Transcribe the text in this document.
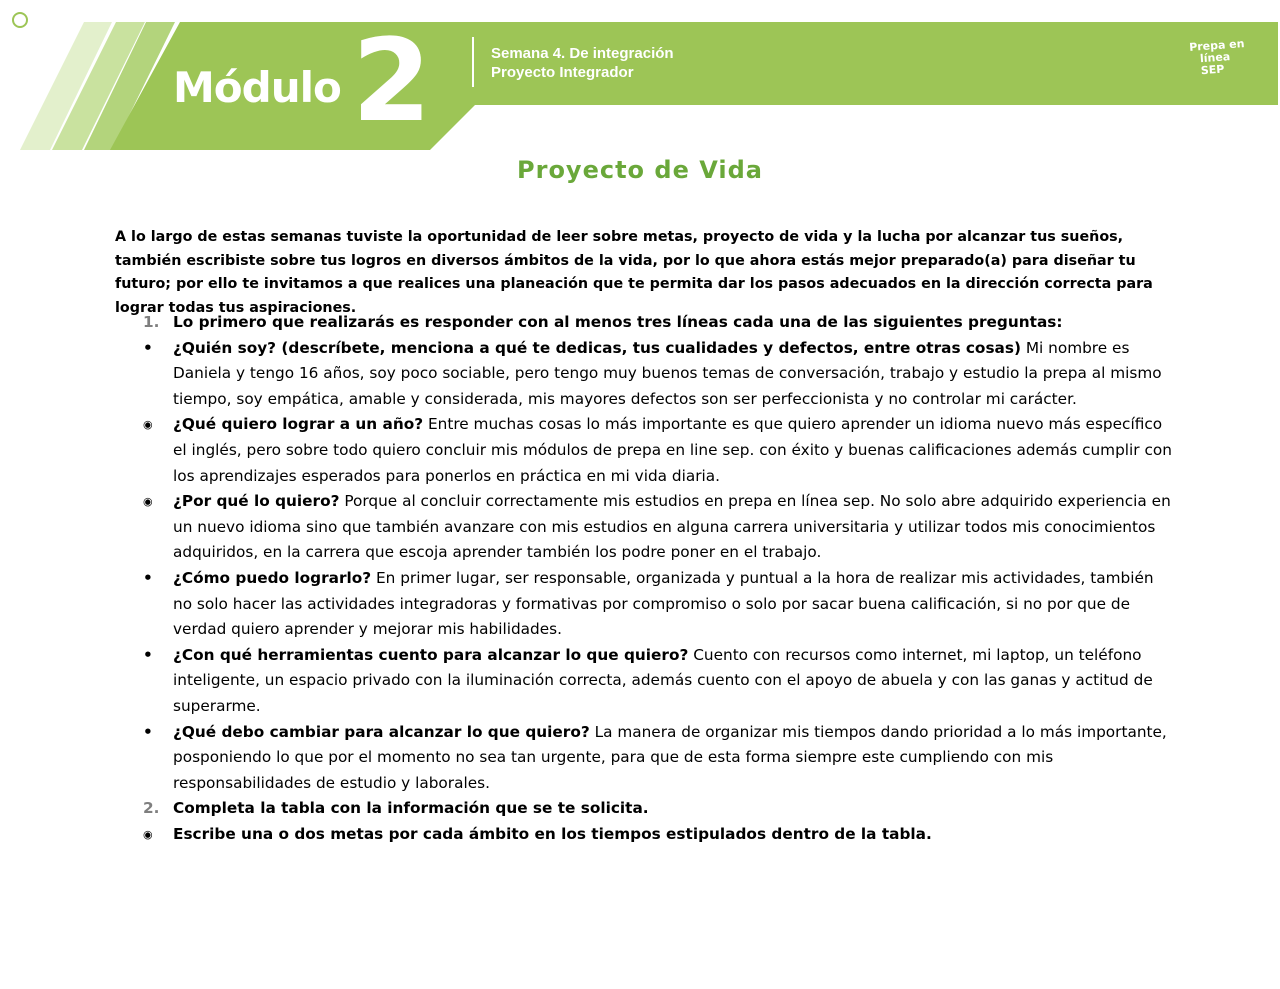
Módulo 2	Semana 4. De integración
Proyecto Integrador
Prepa en
línea
SEP
Proyecto de Vida

A lo largo de estas semanas tuviste la oportunidad de leer sobre metas, proyecto de vida y la lucha por alcanzar tus sueños, también escribiste sobre tus logros en diversos ámbitos de la vida, por lo que ahora estás mejor preparado(a) para diseñar tu futuro; por ello te invitamos a que realices una planeación que te permita dar los pasos adecuados en la dirección correcta para lograr todas tus aspiraciones.

1. Lo primero que realizarás es responder con al menos tres líneas cada una de las siguientes preguntas:
•	¿Quién soy? (descríbete, menciona a qué te dedicas, tus cualidades y defectos, entre otras cosas) Mi nombre es Daniela y tengo 16 años, soy poco sociable, pero tengo muy buenos temas de conversación, trabajo y estudio la prepa al mismo tiempo, soy empática, amable y considerada, mis mayores defectos son ser perfeccionista y no controlar mi carácter.
◉	¿Qué quiero lograr a un año? Entre muchas cosas lo más importante es que quiero aprender un idioma nuevo más específico el inglés, pero sobre todo quiero concluir mis módulos de prepa en line sep. con éxito y buenas calificaciones además cumplir con los aprendizajes esperados para ponerlos en práctica en mi vida diaria.
◉	¿Por qué lo quiero? Porque al concluir correctamente mis estudios en prepa en línea sep. No solo abre adquirido experiencia en un nuevo idioma sino que también avanzare con mis estudios en alguna carrera universitaria y utilizar todos mis conocimientos adquiridos, en la carrera que escoja aprender también los podre poner en el trabajo.
•	¿Cómo puedo lograrlo? En primer lugar, ser responsable, organizada y puntual a la hora de realizar mis actividades, también no solo hacer las actividades integradoras y formativas por compromiso o solo por sacar buena calificación, si no por que de verdad quiero aprender y mejorar mis habilidades.
•	¿Con qué herramientas cuento para alcanzar lo que quiero? Cuento con recursos como internet, mi laptop, un teléfono inteligente, un espacio privado con la iluminación correcta, además cuento con el apoyo de abuela y con las ganas y actitud de superarme.
•	¿Qué debo cambiar para alcanzar lo que quiero? La manera de organizar mis tiempos dando prioridad a lo más importante, posponiendo lo que por el momento no sea tan urgente, para que de esta forma siempre este cumpliendo con mis responsabilidades de estudio y laborales.
2. Completa la tabla con la información que se te solicita.
◉	Escribe una o dos metas por cada ámbito en los tiempos estipulados dentro de la tabla.
